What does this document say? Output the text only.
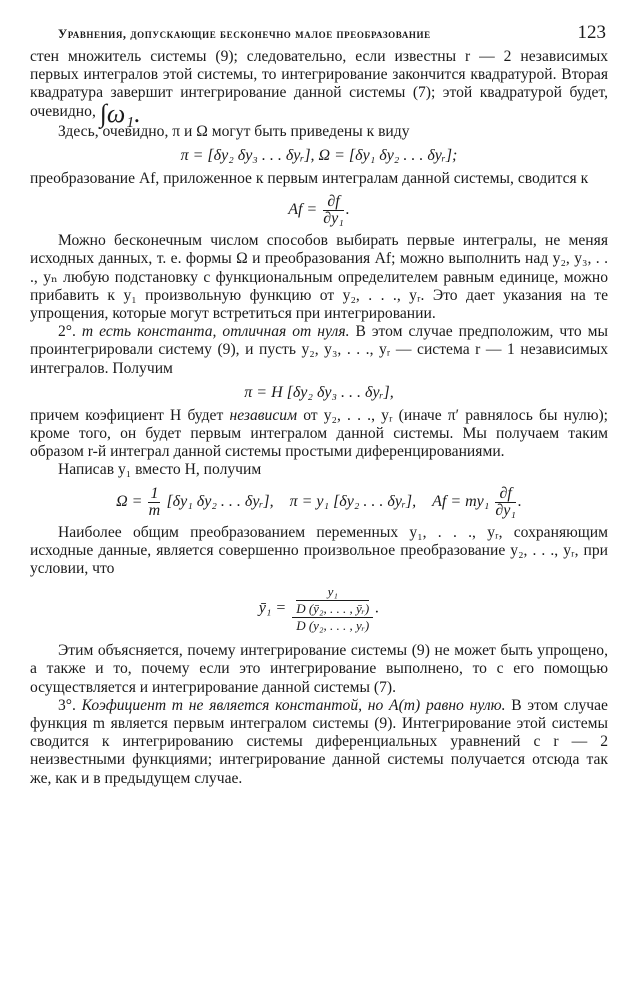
Уравнения, допускающие бесконечно малое преобразование	123

стен множитель системы (9); следовательно, если известны r — 2 независимых первых интегралов этой системы, то интегрирование закончится квадратурой. Вторая квадратура завершит интегрирование данной системы (7); этой квадратурой будет, очевидно, ∫ω₁.

Здесь, очевидно, π и Ω могут быть приведены к виду

π = [δy₂ δy₃ . . . δyᵣ], Ω = [δy₁ δy₂ . . . δyᵣ];

преобразование Af, приложенное к первым интегралам данной системы, сводится к

$Af = \frac{\partial f}{\text{∂y₁}}$ .

Можно бесконечным числом способов выбирать первые интегралы, не меняя исходных данных, т. е. формы Ω и преобразования Af; можно выполнить над y₂, y₃, . . ., yₙ любую подстановку с функциональным определителем равным единице, можно прибавить к y₁ произвольную функцию от y₂, . . ., yᵣ. Это дает указания на те упрощения, которые могут встретиться при интегрировании.

2°. m есть константа, отличная от нуля. В этом случае предположим, что мы проинтегрировали систему (9), и пусть y₂, y₃, . . ., yᵣ — система r — 1 независимых интегралов. Получим

π = H [δy₂ δy₃ . . . δyᵣ],

причем коэфициент H будет независим от y₂, . . ., yᵣ (иначе π′ равнялось бы нулю); кроме того, он будет первым интегралом данной системы. Мы получаем таким образом r-й интеграл данной системы простыми диференцированиями.

Написав y₁ вместо H, получим

$\Omega = \frac{1}{m} [\delta y_1$ δy₂ . . . δyᵣ], π = y₁ [δy₂ . . . δyᵣ], $Af = my_1 \frac{\partial f}{\text{∂y₁}}$ .

Наиболее общим преобразованием переменных y₁, . . ., yᵣ, сохраняющим исходные данные, является совершенно произвольное преобразование y₂, . . ., yᵣ, при условии, что

ȳ₁ = $\frac{\frac{\text{y₁}}{\text{D (ȳ₂, . . . , ȳᵣ)}}}{\text{D (y₂, . . . , yᵣ)}}$ .

Этим объясняется, почему интегрирование системы (9) не может быть упрощено, а также и то, почему если это интегрирование выполнено, то с его помощью осуществляется и интегрирование данной системы (7).

3°. Коэфициент m не является константой, но A(m) равно нулю. В этом случае функция m является первым интегралом системы (9). Интегрирование этой системы сводится к интегрированию системы диференциальных уравнений с r — 2 неизвестными функциями; интегрирование данной системы получается отсюда так же, как и в предыдущем случае.
